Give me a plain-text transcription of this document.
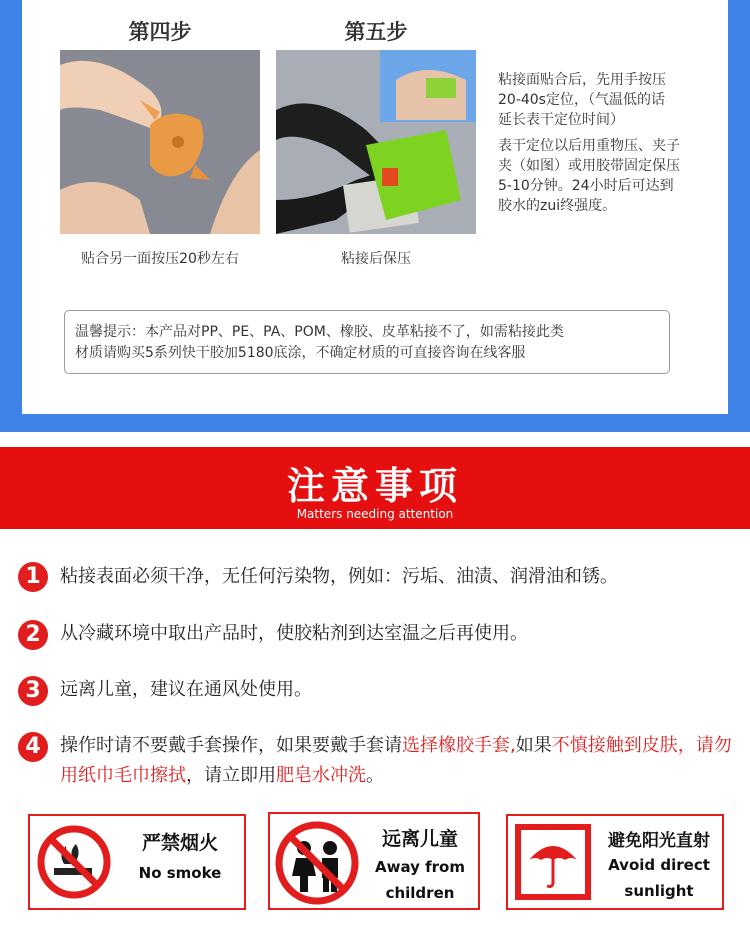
第四步
贴合另一面按压20秒左右
第五步
粘接后保压
粘接面贴合后，先用手按压
20-40s定位，（气温低的话
延长表干定位时间）
表干定位以后用重物压、夹子
夹（如图）或用胶带固定保压
5-10分钟。24小时后可达到
胶水的zui终强度。
温馨提示：本产品对PP、PE、PA、POM、橡胶、皮革粘接不了，如需粘接此类
材质请购买5系列快干胶加5180底涂，不确定材质的可直接咨询在线客服
注意事项
Matters needing attention
1	粘接表面必须干净，无任何污染物，例如：污垢、油渍、润滑油和锈。
2	从冷藏环境中取出产品时，使胶粘剂到达室温之后再使用。
3	远离儿童，建议在通风处使用。
4	操作时请不要戴手套操作，如果要戴手套请选择橡胶手套,如果不慎接触到皮肤，请勿用纸巾毛巾擦拭，请立即用肥皂水冲洗。
严禁烟火
No smoke
远离儿童
Away from
children
避免阳光直射
Avoid direct
sunlight
